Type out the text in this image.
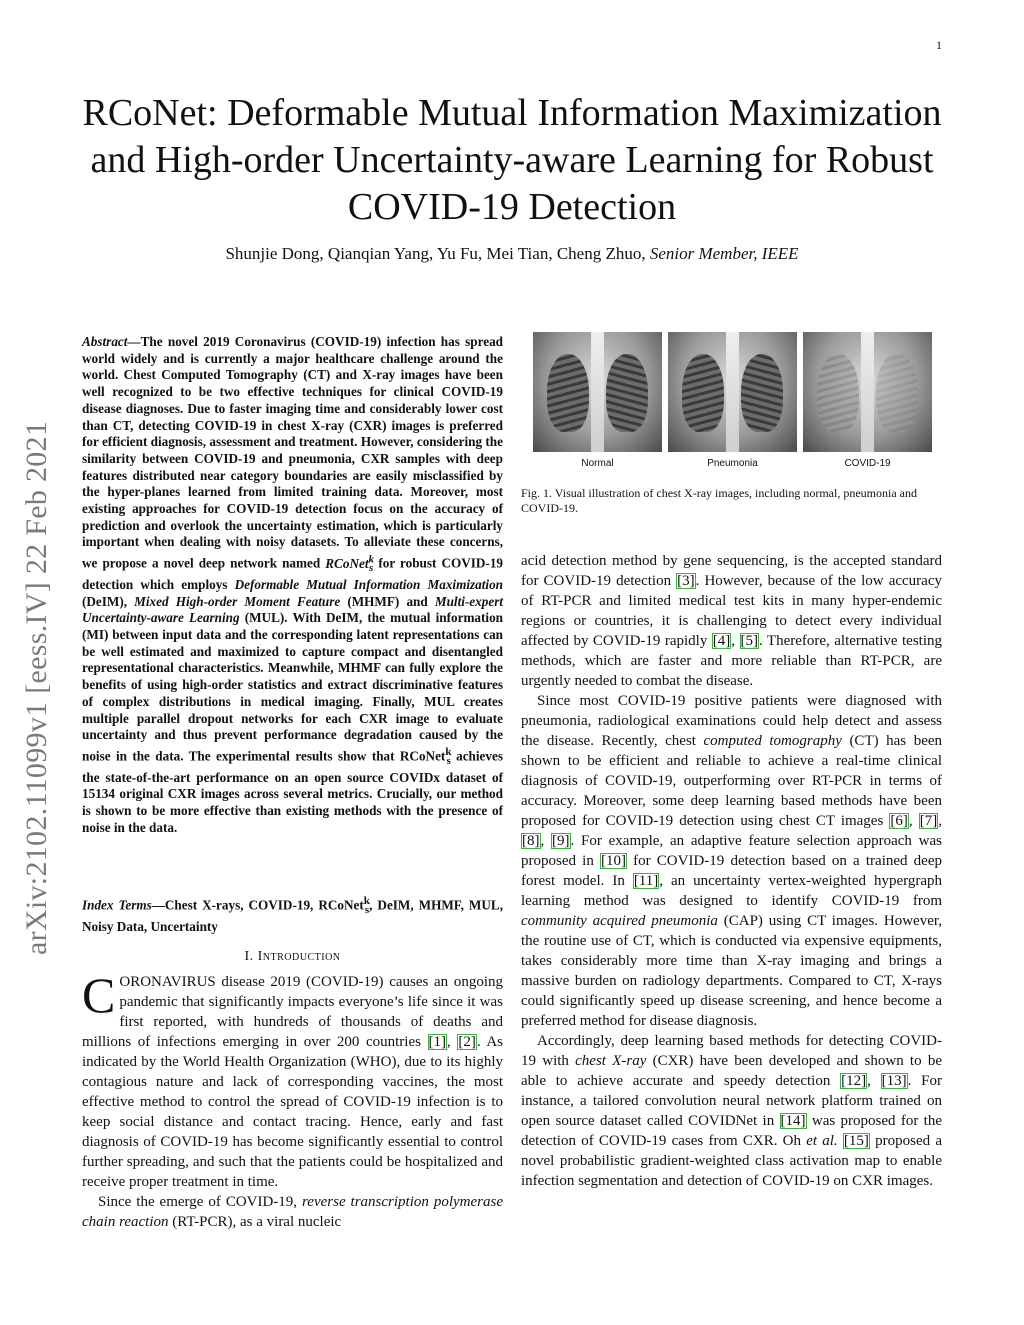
1
arXiv:2102.11099v1 [eess.IV] 22 Feb 2021
RCoNet: Deformable Mutual Information Maximization and High-order Uncertainty-aware Learning for Robust COVID-19 Detection
Shunjie Dong, Qianqian Yang, Yu Fu, Mei Tian, Cheng Zhuo, Senior Member, IEEE

Abstract—The novel 2019 Coronavirus (COVID-19) infection has spread world widely and is currently a major healthcare challenge around the world. Chest Computed Tomography (CT) and X-ray images have been well recognized to be two effective techniques for clinical COVID-19 disease diagnoses. Due to faster imaging time and considerably lower cost than CT, detecting COVID-19 in chest X-ray (CXR) images is preferred for efficient diagnosis, assessment and treatment. However, considering the similarity between COVID-19 and pneumonia, CXR samples with deep features distributed near category boundaries are easily misclassified by the hyper-planes learned from limited training data. Moreover, most existing approaches for COVID-19 detection focus on the accuracy of prediction and overlook the uncertainty estimation, which is particularly important when dealing with noisy datasets. To alleviate these concerns, we propose a novel deep network named RCoNet$^k_s$ for robust COVID-19 detection which employs Deformable Mutual Information Maximization (DeIM), Mixed High-order Moment Feature (MHMF) and Multi-expert Uncertainty-aware Learning (MUL). With DeIM, the mutual information (MI) between input data and the corresponding latent representations can be well estimated and maximized to capture compact and disentangled representational characteristics. Meanwhile, MHMF can fully explore the benefits of using high-order statistics and extract discriminative features of complex distributions in medical imaging. Finally, MUL creates multiple parallel dropout networks for each CXR image to evaluate uncertainty and thus prevent performance degradation caused by the noise in the data. The experimental results show that RCoNet$^k_s$ achieves the state-of-the-art performance on an open source COVIDx dataset of 15134 original CXR images across several metrics. Crucially, our method is shown to be more effective than existing methods with the presence of noise in the data.

Index Terms—Chest X-rays, COVID-19, RCoNet$^k_s$, DeIM, MHMF, MUL, Noisy Data, Uncertainty

I. Introduction

CORONAVIRUS disease 2019 (COVID-19) causes an ongoing pandemic that significantly impacts everyone’s life since it was first reported, with hundreds of thousands of deaths and millions of infections emerging in over 200 countries [1], [2]. As indicated by the World Health Organization (WHO), due to its highly contagious nature and lack of corresponding vaccines, the most effective method to control the spread of COVID-19 infection is to keep social distance and contact tracing. Hence, early and fast diagnosis of COVID-19 has become significantly essential to control further spreading, and such that the patients could be hospitalized and receive proper treatment in time.

Since the emerge of COVID-19, reverse transcription polymerase chain reaction (RT-PCR), as a viral nucleic

Normal	Pneumonia	COVID-19
Fig. 1. Visual illustration of chest X-ray images, including normal, pneumonia and COVID-19.

acid detection method by gene sequencing, is the accepted standard for COVID-19 detection [3]. However, because of the low accuracy of RT-PCR and limited medical test kits in many hyper-endemic regions or countries, it is challenging to detect every individual affected by COVID-19 rapidly [4], [5]. Therefore, alternative testing methods, which are faster and more reliable than RT-PCR, are urgently needed to combat the disease.

Since most COVID-19 positive patients were diagnosed with pneumonia, radiological examinations could help detect and assess the disease. Recently, chest computed tomography (CT) has been shown to be efficient and reliable to achieve a real-time clinical diagnosis of COVID-19, outperforming over RT-PCR in terms of accuracy. Moreover, some deep learning based methods have been proposed for COVID-19 detection using chest CT images [6], [7], [8], [9]. For example, an adaptive feature selection approach was proposed in [10] for COVID-19 detection based on a trained deep forest model. In [11], an uncertainty vertex-weighted hypergraph learning method was designed to identify COVID-19 from community acquired pneumonia (CAP) using CT images. However, the routine use of CT, which is conducted via expensive equipments, takes considerably more time than X-ray imaging and brings a massive burden on radiology departments. Compared to CT, X-rays could significantly speed up disease screening, and hence become a preferred method for disease diagnosis.

Accordingly, deep learning based methods for detecting COVID-19 with chest X-ray (CXR) have been developed and shown to be able to achieve accurate and speedy detection [12], [13]. For instance, a tailored convolution neural network platform trained on open source dataset called COVIDNet in [14] was proposed for the detection of COVID-19 cases from CXR. Oh et al. [15] proposed a novel probabilistic gradient-weighted class activation map to enable infection segmentation and detection of COVID-19 on CXR images.
